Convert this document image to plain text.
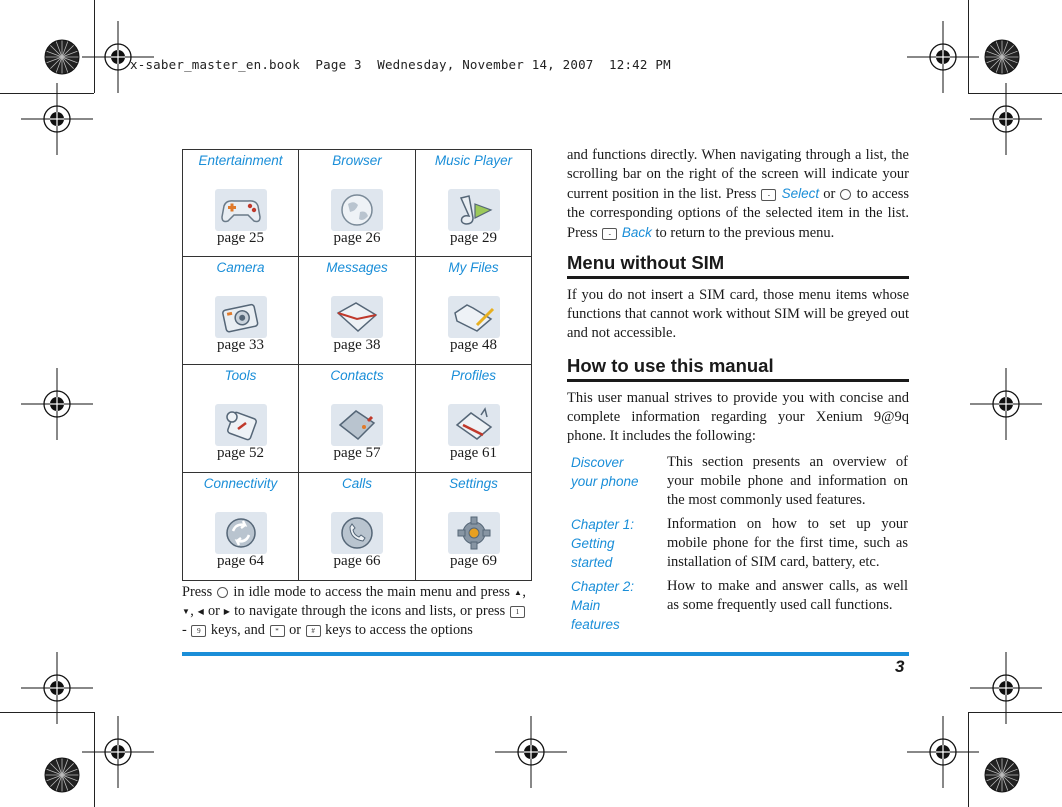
x-saber_master_en.book  Page 3  Wednesday, November 14, 2007  12:42 PM
Entertainment
page 25
Browser
page 26
Music Player
page 29
Camera
page 33
Messages
page 38
My Files
page 48
Tools
page 52
Contacts
page 57
Profiles
page 61
Connectivity
page 64
Calls
page 66
Settings
page 69

Press  in idle mode to access the main menu and press ▲, ▼, ◀ or ▶ to navigate through the icons and lists, or press 1 - 9 keys, and * or # keys to access the options

and functions directly. When navigating through a list, the scrolling bar on the right of the screen will indicate your current position in the list. Press - Select or  to access the corresponding options of the selected item in the list. Press - Back to return to the previous menu.

Menu without SIM
If you do not insert a SIM card, those menu items whose functions that cannot work without SIM will be greyed out and not accessible.
How to use this manual
This user manual strives to provide you with concise and complete information regarding your Xenium 9@9q phone. It includes the following:
Discover
your phone
This section presents an overview of your mobile phone and information on the most commonly used features.
Chapter 1:
Getting
started
Information on how to set up your mobile phone for the first time, such as installation of SIM card, battery, etc.
Chapter 2:
Main
features
How to make and answer calls, as well as some frequently used call functions.
3
